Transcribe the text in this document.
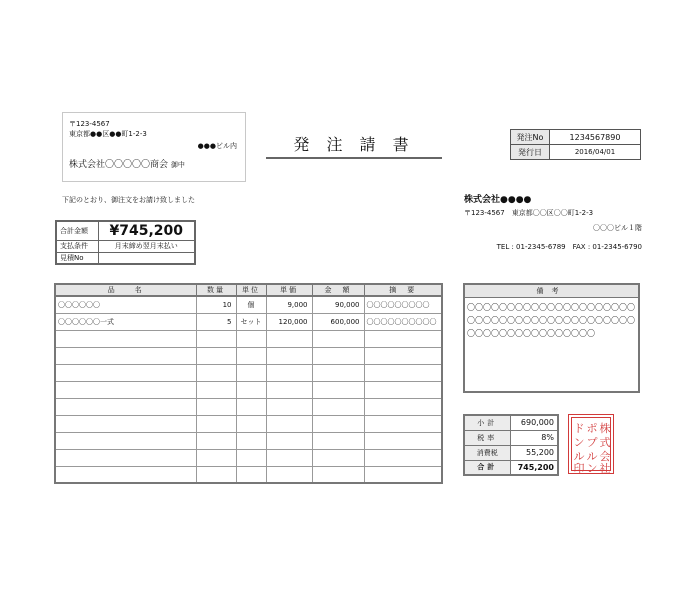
〒123-4567
東京都●●区●●町1-2-3
●●●ビル内
株式会社〇〇〇〇〇商会 御中
発 注 請 書	発注No	1234567890
発行日	2016/04/01
下記のとおり、御注文をお請け致しました
合計金額	¥745,200
支払条件	月末締め翌月末払い
見積No	
株式会社●●●●
〒123-4567　東京都〇〇区〇〇町1-2-3
〇〇〇ビル１階
TEL : 01-2345-6789　FAX : 01-2345-6790
品　　名	数量	単位	単価	金　額	摘　要
〇〇〇〇〇〇	10	個	9,000	90,000	〇〇〇〇〇〇〇〇〇
〇〇〇〇〇〇一式	5	セット	120,000	600,000	〇〇〇〇〇〇〇〇〇〇

備考
〇〇〇〇〇〇〇〇〇〇〇〇〇〇〇〇〇〇〇〇〇
〇〇〇〇〇〇〇〇〇〇〇〇〇〇〇〇〇〇〇〇〇
〇〇〇〇〇〇〇〇〇〇〇〇〇〇〇〇
小計	690,000
税率	8%
消費税	55,200
合計	745,200
株
式
会
社
ポ
プ
ル
ン
ド
ン
ル
印
